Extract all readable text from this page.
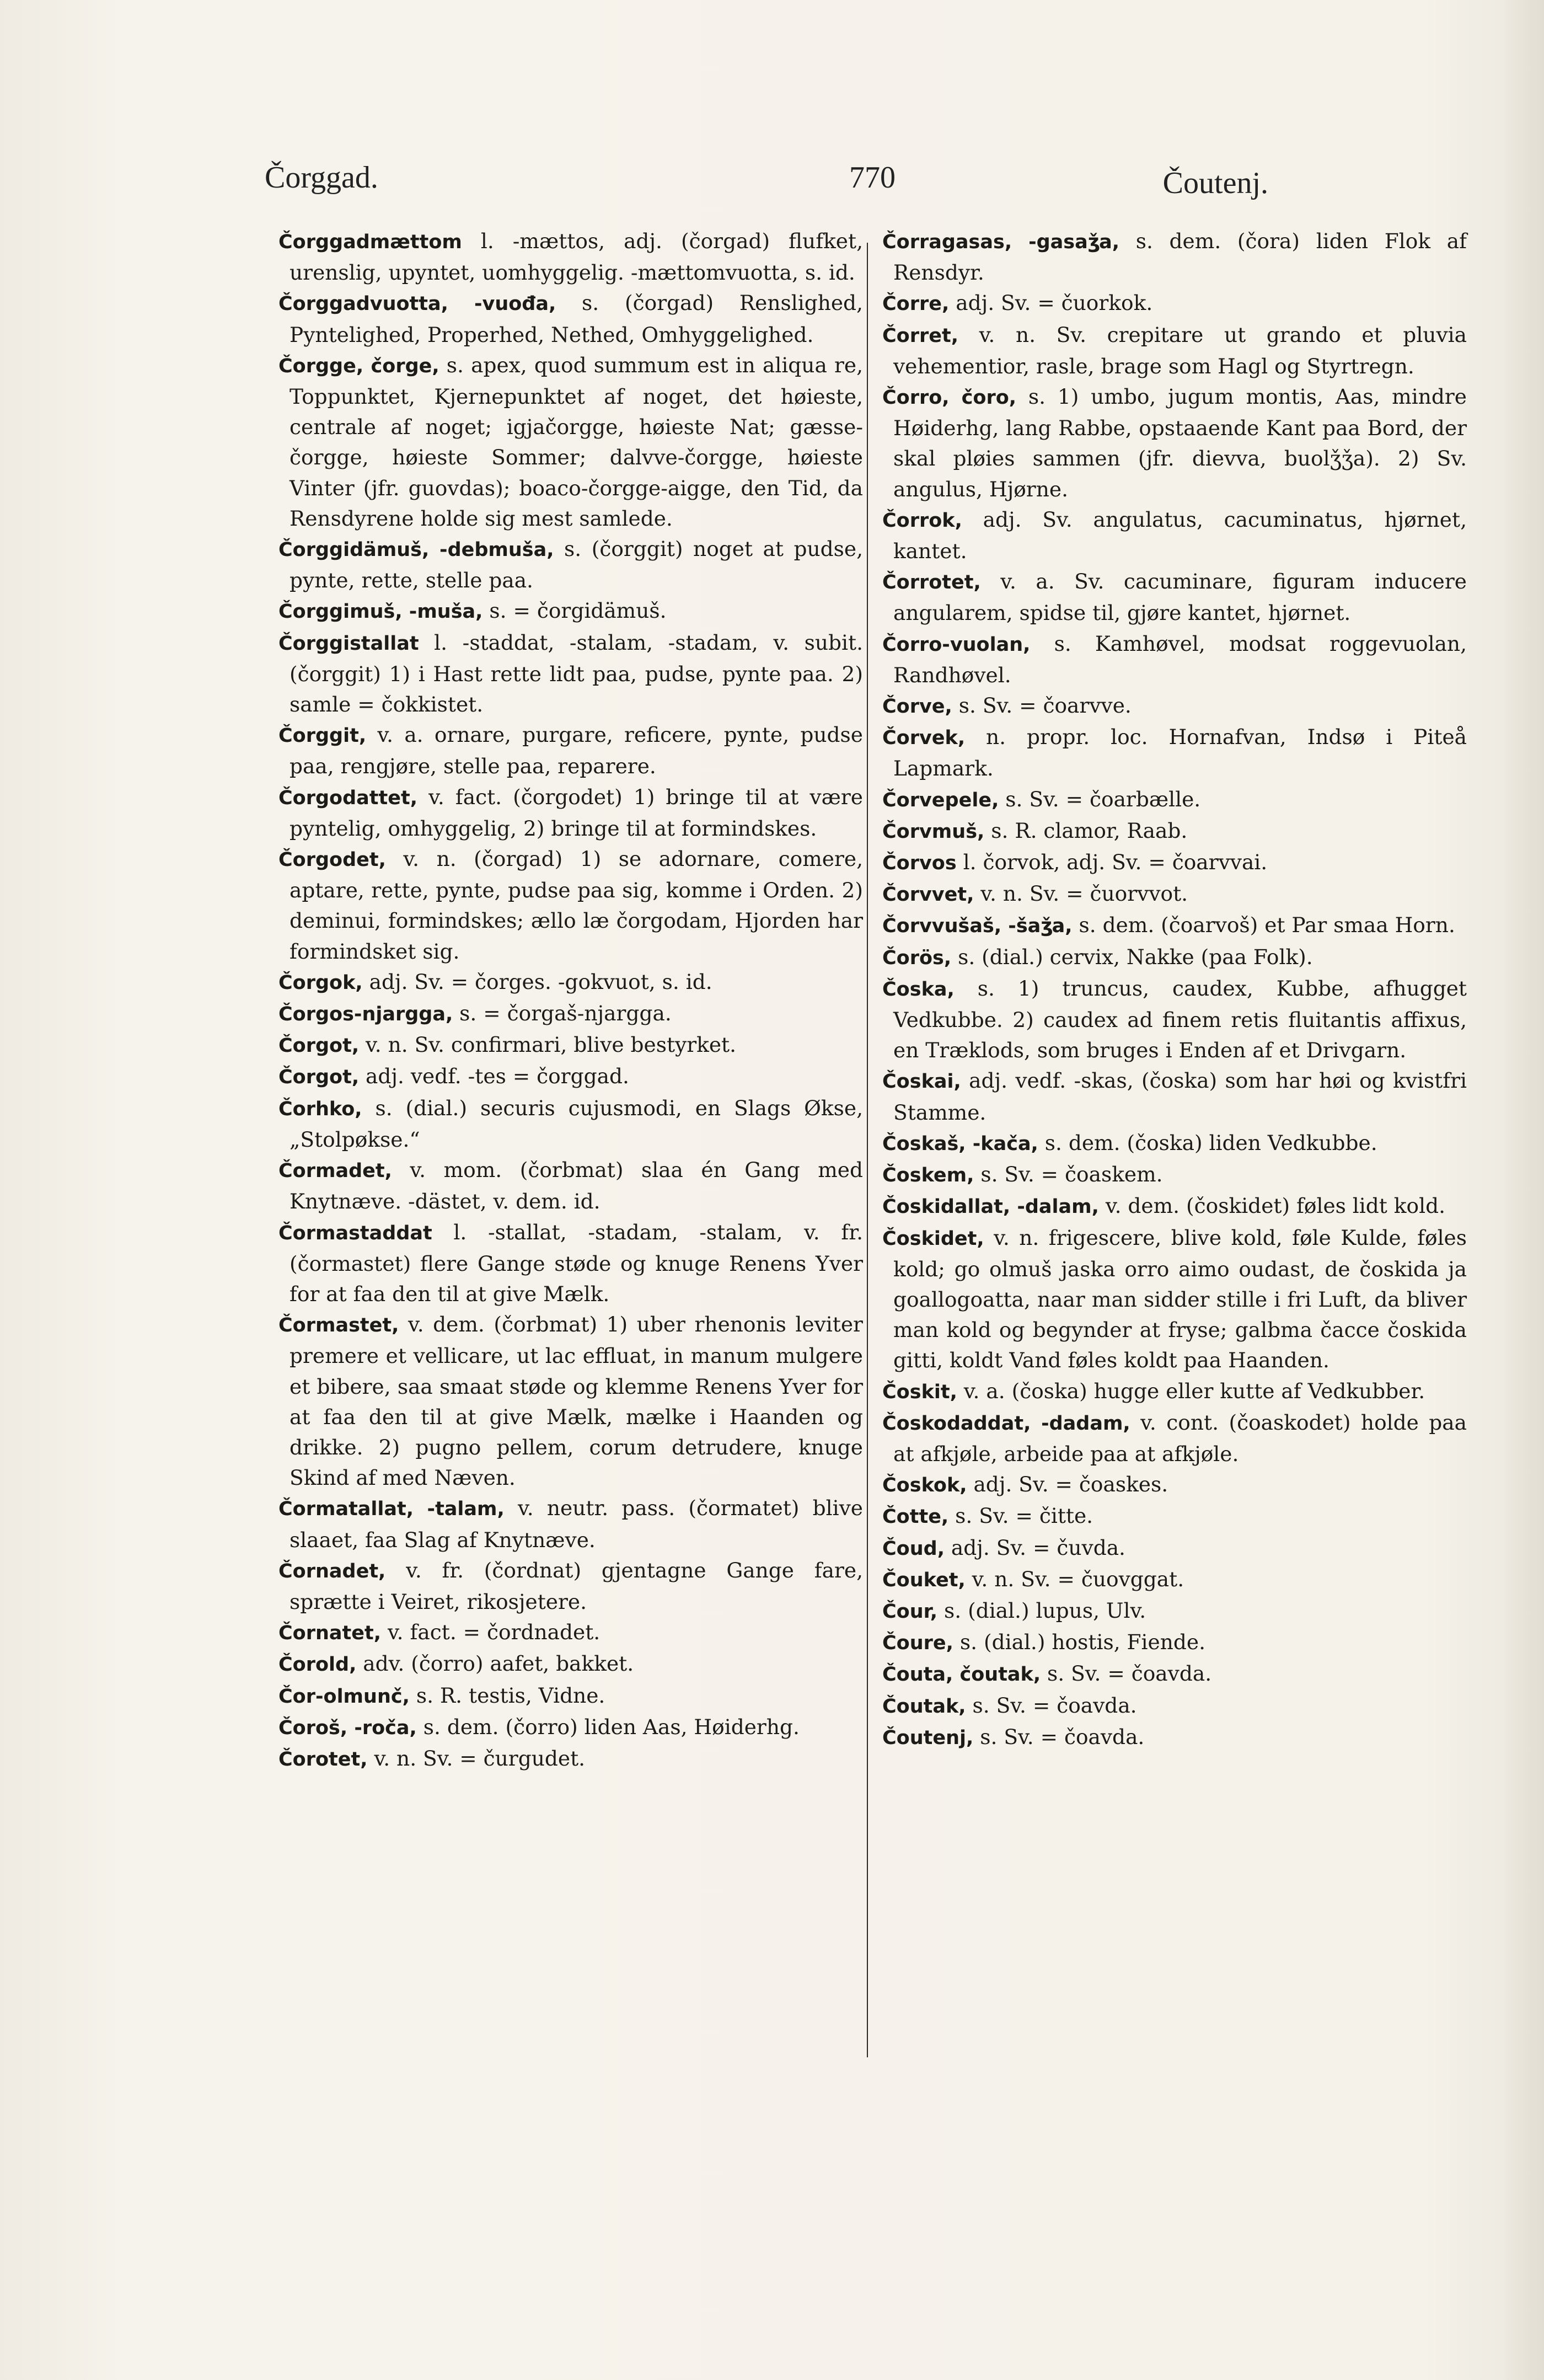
Čorggad.	770	Čoutenj.

Čorggadmættom l. -mættos, adj. (čorgad) flufket, urenslig, upyntet, uomhyggelig. -mættomvuotta, s. id.

Čorggadvuotta, -vuođa, s. (čorgad) Renslighed, Pyntelighed, Properhed, Nethed, Omhyggelighed.

Čorgge, čorge, s. apex, quod summum est in aliqua re, Toppunktet, Kjernepunktet af noget, det høieste, centrale af noget; igjačorgge, høieste Nat; gæsse-čorgge, høieste Sommer; dalvve-čorgge, høieste Vinter (jfr. guovdas); boaco-čorgge-aigge, den Tid, da Rensdyrene holde sig mest samlede.

Čorggidämuš, -debmuša, s. (čorggit) noget at pudse, pynte, rette, stelle paa.

Čorggimuš, -muša, s. = čorgidämuš.

Čorggistallat l. -staddat, -stalam, -stadam, v. subit. (čorggit) 1) i Hast rette lidt paa, pudse, pynte paa. 2) samle = čokkistet.

Čorggit, v. a. ornare, purgare, reficere, pynte, pudse paa, rengjøre, stelle paa, reparere.

Čorgodattet, v. fact. (čorgodet) 1) bringe til at være pyntelig, omhyggelig, 2) bringe til at formindskes.

Čorgodet, v. n. (čorgad) 1) se adornare, comere, aptare, rette, pynte, pudse paa sig, komme i Orden. 2) deminui, formindskes; ællo læ čorgodam, Hjorden har formindsket sig.

Čorgok, adj. Sv. = čorges. -gokvuot, s. id.

Čorgos-njargga, s. = čorgaš-njargga.

Čorgot, v. n. Sv. confirmari, blive bestyrket.

Čorgot, adj. vedf. -tes = čorggad.

Čorhko, s. (dial.) securis cujusmodi, en Slags Økse, „Stolpøkse.“

Čormadet, v. mom. (čorbmat) slaa én Gang med Knytnæve. -dästet, v. dem. id.

Čormastaddat l. -stallat, -stadam, -stalam, v. fr. (čormastet) flere Gange støde og knuge Renens Yver for at faa den til at give Mælk.

Čormastet, v. dem. (čorbmat) 1) uber rhenonis leviter premere et vellicare, ut lac effluat, in manum mulgere et bibere, saa smaat støde og klemme Renens Yver for at faa den til at give Mælk, mælke i Haanden og drikke. 2) pugno pellem, corum detrudere, knuge Skind af med Næven.

Čormatallat, -talam, v. neutr. pass. (čormatet) blive slaaet, faa Slag af Knytnæve.

Čornadet, v. fr. (čordnat) gjentagne Gange fare, sprætte i Veiret, rikosjetere.

Čornatet, v. fact. = čordnadet.

Čorold, adv. (čorro) aafet, bakket.

Čor-olmunč, s. R. testis, Vidne.

Čoroš, -roča, s. dem. (čorro) liden Aas, Høiderhg.

Čorotet, v. n. Sv. = čurgudet.

Čorragasas, -gasaǯa, s. dem. (čora) liden Flok af Rensdyr.

Čorre, adj. Sv. = čuorkok.

Čorret, v. n. Sv. crepitare ut grando et pluvia vehementior, rasle, brage som Hagl og Styrtregn.

Čorro, čoro, s. 1) umbo, jugum montis, Aas, mindre Høiderhg, lang Rabbe, opstaaende Kant paa Bord, der skal pløies sammen (jfr. dievva, buolǯǯa). 2) Sv. angulus, Hjørne.

Čorrok, adj. Sv. angulatus, cacuminatus, hjørnet, kantet.

Čorrotet, v. a. Sv. cacuminare, figuram inducere angularem, spidse til, gjøre kantet, hjørnet.

Čorro-vuolan, s. Kamhøvel, modsat roggevuolan, Randhøvel.

Čorve, s. Sv. = čoarvve.

Čorvek, n. propr. loc. Hornafvan, Indsø i Piteå Lapmark.

Čorvepele, s. Sv. = čoarbælle.

Čorvmuš, s. R. clamor, Raab.

Čorvos l. čorvok, adj. Sv. = čoarvvai.

Čorvvet, v. n. Sv. = čuorvvot.

Čorvvušaš, -šaǯa, s. dem. (čoarvoš) et Par smaa Horn.

Čorös, s. (dial.) cervix, Nakke (paa Folk).

Čoska, s. 1) truncus, caudex, Kubbe, afhugget Vedkubbe. 2) caudex ad finem retis fluitantis affixus, en Træklods, som bruges i Enden af et Drivgarn.

Čoskai, adj. vedf. -skas, (čoska) som har høi og kvistfri Stamme.

Čoskaš, -kača, s. dem. (čoska) liden Vedkubbe.

Čoskem, s. Sv. = čoaskem.

Čoskidallat, -dalam, v. dem. (čoskidet) føles lidt kold.

Čoskidet, v. n. frigescere, blive kold, føle Kulde, føles kold; go olmuš jaska orro aimo oudast, de čoskida ja goallogoatta, naar man sidder stille i fri Luft, da bliver man kold og begynder at fryse; galbma čacce čoskida gitti, koldt Vand føles koldt paa Haanden.

Čoskit, v. a. (čoska) hugge eller kutte af Vedkubber.

Čoskodaddat, -dadam, v. cont. (čoaskodet) holde paa at afkjøle, arbeide paa at afkjøle.

Čoskok, adj. Sv. = čoaskes.

Čotte, s. Sv. = čitte.

Čoud, adj. Sv. = čuvda.

Čouket, v. n. Sv. = čuovggat.

Čour, s. (dial.) lupus, Ulv.

Čoure, s. (dial.) hostis, Fiende.

Čouta, čoutak, s. Sv. = čoavda.

Čoutak, s. Sv. = čoavda.

Čoutenj, s. Sv. = čoavda.
